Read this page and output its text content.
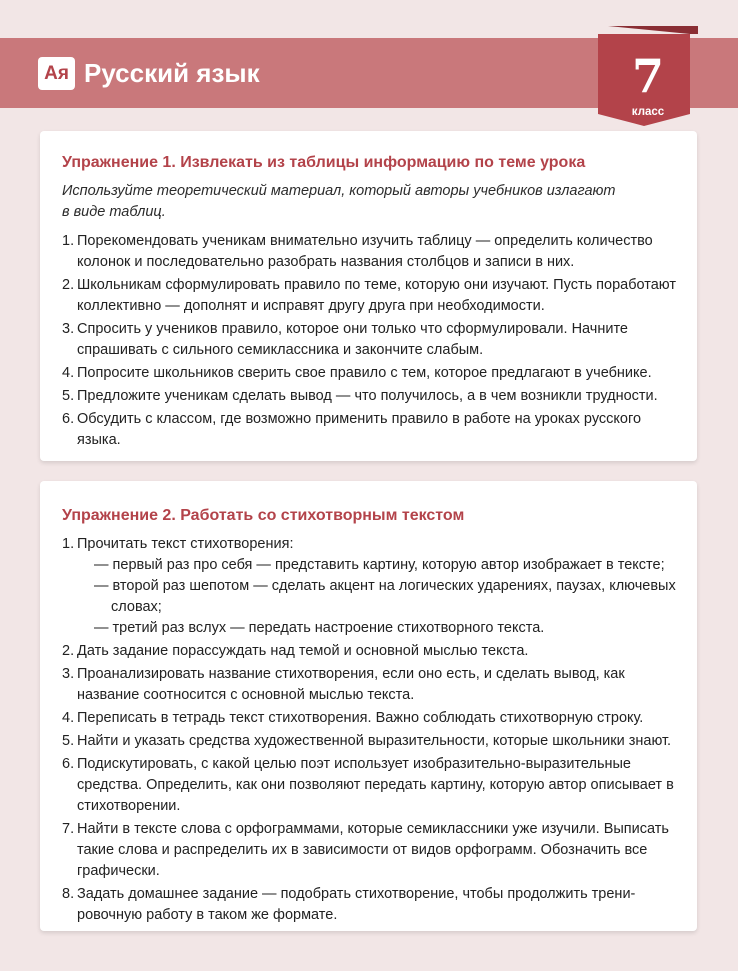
Ая Русский язык	7
класс
Упражнение 1. Извлекать из таблицы информацию по теме урока
Используйте теоретический материал, который авторы учебников излагают
в виде таблиц.
1. Порекомендовать ученикам внимательно изучить таблицу — определить количество колонок и последовательно разобрать названия столбцов и записи в них.
2. Школьникам сформулировать правило по теме, которую они изучают. Пусть поработают коллективно — дополнят и исправят другу друга при необходимости.
3. Спросить у учеников правило, которое они только что сформулировали. Начните спрашивать с сильного семиклассника и закончите слабым.
4. Попросите школьников сверить свое правило с тем, которое предлагают в учебнике.
5. Предложите ученикам сделать вывод — что получилось, а в чем возникли трудности.
6. Обсудить с классом, где возможно применить правило в работе на уроках русского языка.
Упражнение 2. Работать со стихотворным текстом
1. Прочитать текст стихотворения:
— первый раз про себя — представить картину, которую автор изображает в тексте;
— второй раз шепотом — сделать акцент на логических ударениях, паузах, ключевых словах;
— третий раз вслух — передать настроение стихотворного текста.
2. Дать задание порассуждать над темой и основной мыслью текста.
3. Проанализировать название стихотворения, если оно есть, и сделать вывод, как название соотносится с основной мыслью текста.
4. Переписать в тетрадь текст стихотворения. Важно соблюдать стихотворную строку.
5. Найти и указать средства художественной выразительности, которые школьники знают.
6. Подискутировать, с какой целью поэт использует изобразительно-выразительные средства. Определить, как они позволяют передать картину, которую автор описывает в стихотворении.
7. Найти в тексте слова с орфограммами, которые семиклассники уже изучили. Выписать такие слова и распределить их в зависимости от видов орфограмм. Обозначить все графически.
8. Задать домашнее задание — подобрать стихотворение, чтобы продолжить тренировочную работу в таком же формате.
